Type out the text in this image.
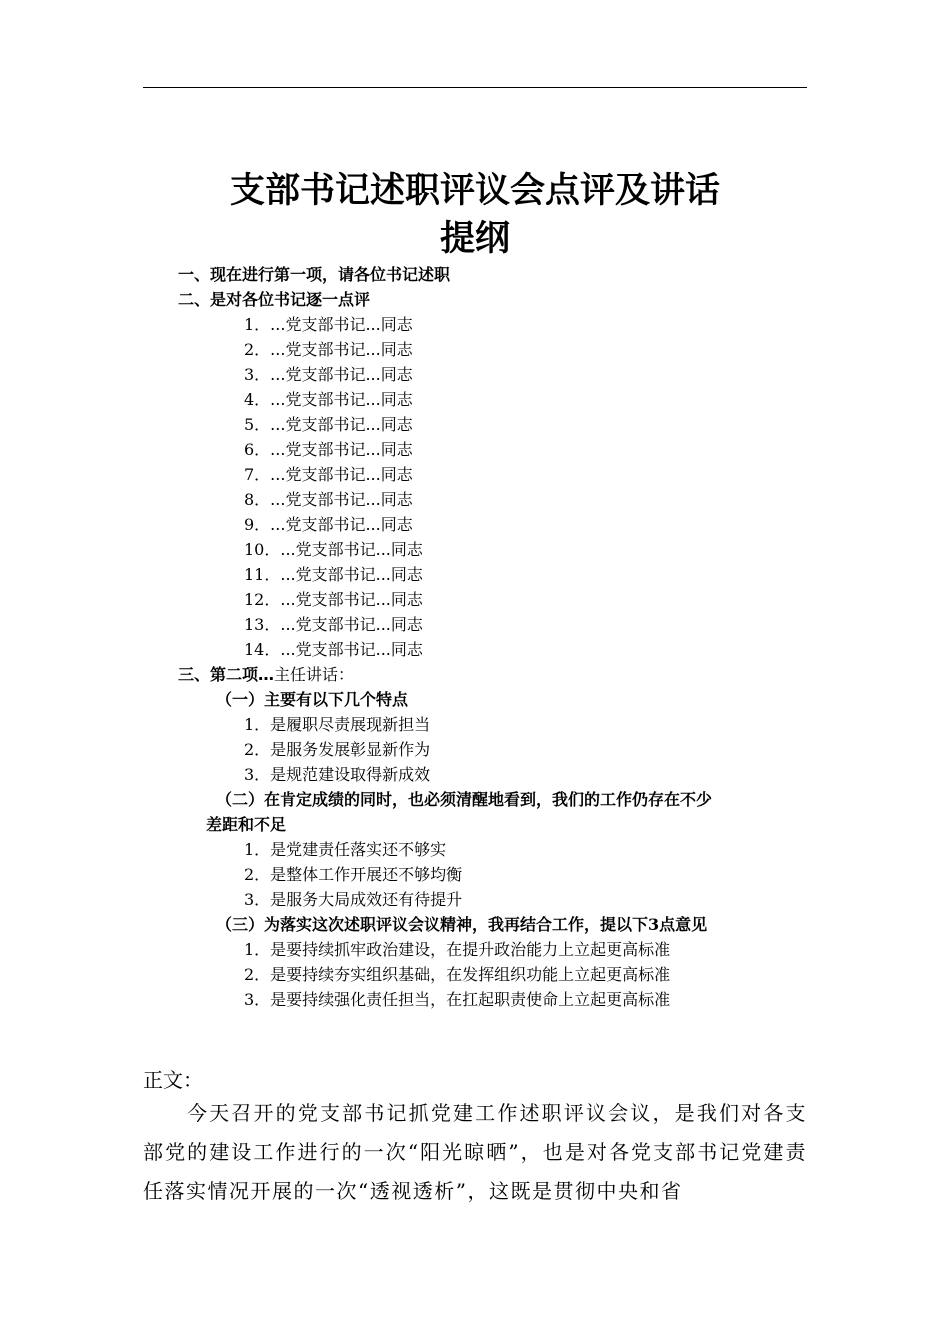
支部书记述职评议会点评及讲话
提纲
一、现在进行第一项，请各位书记述职
二、是对各位书记逐一点评
1．...党支部书记...同志
2．...党支部书记...同志
3．...党支部书记...同志
4．...党支部书记...同志
5．...党支部书记...同志
6．...党支部书记...同志
7．...党支部书记...同志
8．...党支部书记...同志
9．...党支部书记...同志
10．...党支部书记...同志
11．...党支部书记...同志
12．...党支部书记...同志
13．...党支部书记...同志
14．...党支部书记...同志
三、第二项…主任讲话：
（一）主要有以下几个特点
1．是履职尽责展现新担当
2．是服务发展彰显新作为
3．是规范建设取得新成效
（二）在肯定成绩的同时，也必须清醒地看到，我们的工作仍存在不少
差距和不足
1．是党建责任落实还不够实
2．是整体工作开展还不够均衡
3．是服务大局成效还有待提升
（三）为落实这次述职评议会议精神，我再结合工作，提以下3点意见
1．是要持续抓牢政治建设，在提升政治能力上立起更高标准
2．是要持续夯实组织基础，在发挥组织功能上立起更高标准
3．是要持续强化责任担当，在扛起职责使命上立起更高标准
正文：

今天召开的党支部书记抓党建工作述职评议会议，是我们对各支部党的建设工作进行的一次“阳光晾晒”，也是对各党支部书记党建责任落实情况开展的一次“透视透析”，这既是贯彻中央和省
